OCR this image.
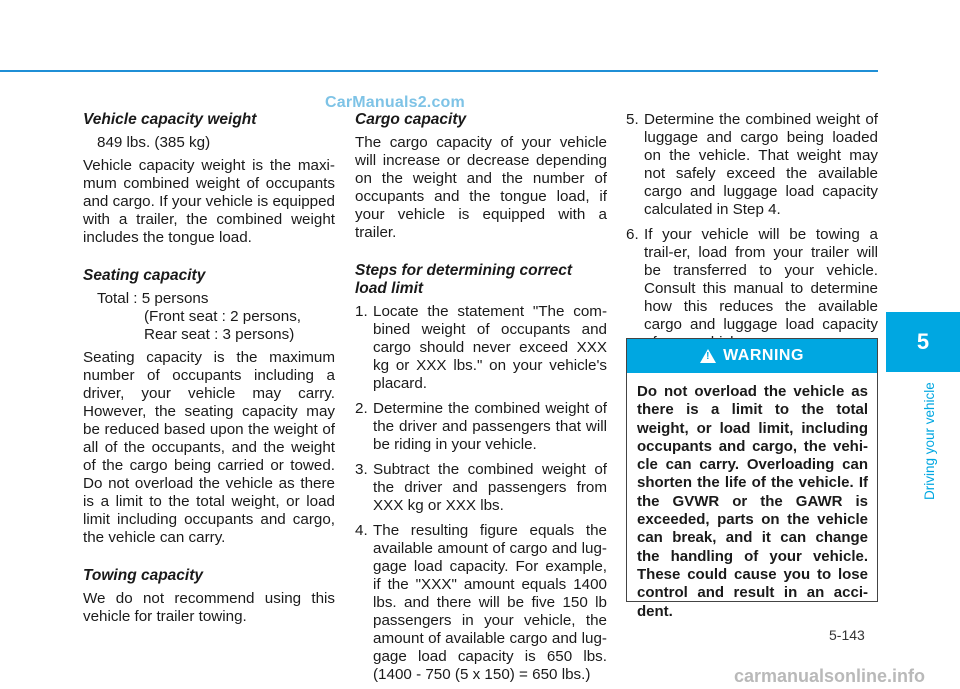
CarManuals2.com
Vehicle capacity weight
849 lbs. (385 kg)

Vehicle capacity weight is the maxi-mum combined weight of occupants and cargo. If your vehicle is equipped with a trailer, the combined weight includes the tongue load.

Seating capacity
Total : 5 persons
(Front seat : 2 persons,
Rear seat : 3 persons)

Seating capacity is the maximum number of occupants including a driver, your vehicle may carry. However, the seating capacity may be reduced based upon the weight of all of the occupants, and the weight of the cargo being carried or towed. Do not overload the vehicle as there is a limit to the total weight, or load limit including occupants and cargo, the vehicle can carry.

Towing capacity

We do not recommend using this vehicle for trailer towing.

Cargo capacity

The cargo capacity of your vehicle will increase or decrease depending on the weight and the number of occupants and the tongue load, if your vehicle is equipped with a trailer.

Steps for determining correct load limit
1. Locate the statement "The com-bined weight of occupants and cargo should never exceed XXX kg or XXX lbs." on your vehicle's placard.
2. Determine the combined weight of the driver and passengers that will be riding in your vehicle.
3. Subtract the combined weight of the driver and passengers from XXX kg or XXX lbs.
4. The resulting figure equals the available amount of cargo and lug-gage load capacity. For example, if the "XXX" amount equals 1400 lbs. and there will be five 150 lb passengers in your vehicle, the amount of available cargo and lug-gage load capacity is 650 lbs. (1400 - 750 (5 x 150) = 650 lbs.)
5. Determine the combined weight of luggage and cargo being loaded on the vehicle. That weight may not safely exceed the available cargo and luggage load capacity calculated in Step 4.
6. If your vehicle will be towing a trail-er, load from your trailer will be transferred to your vehicle. Consult this manual to determine how this reduces the available cargo and luggage load capacity
!
WARNING
Do not overload the vehicle as there is a limit to the total weight, or load limit, including occupants and cargo, the vehi-cle can carry. Overloading can shorten the life of the vehicle. If the GVWR or the GAWR is exceeded, parts on the vehicle can break, and it can change the handling of your vehicle. These could cause you to lose control and result in an acci-dent.
5
Driving your vehicle
5-143
carmanualsonline.info
